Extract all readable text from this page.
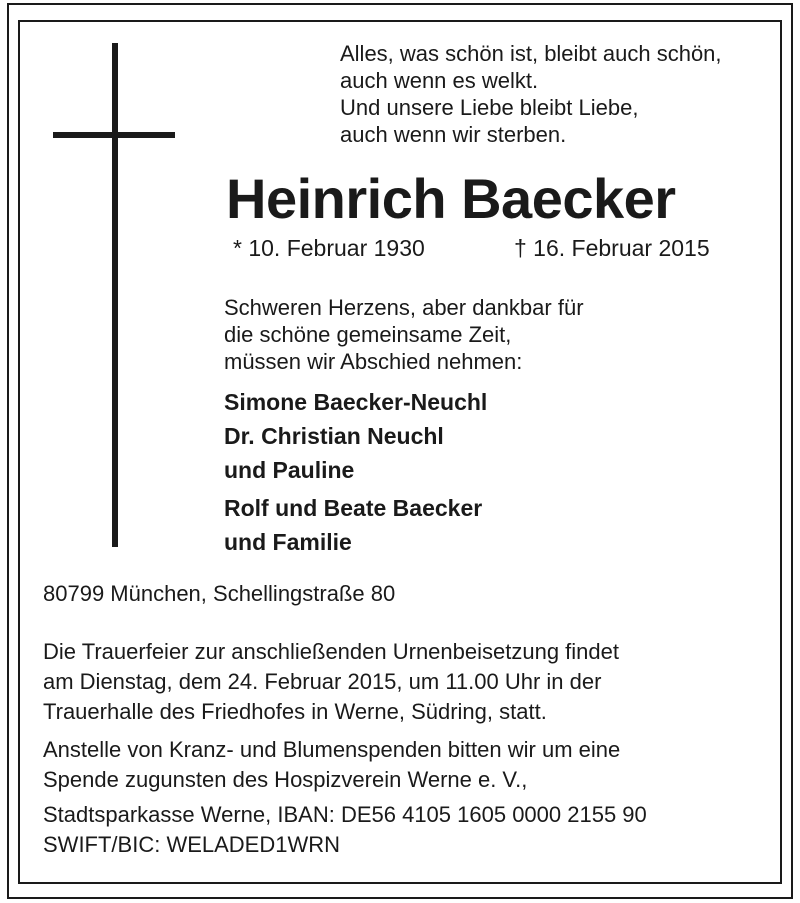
Alles, was schön ist, bleibt auch schön,
auch wenn es welkt.
Und unsere Liebe bleibt Liebe,
auch wenn wir sterben.
Heinrich Baecker
* 10. Februar 1930	† 16. Februar 2015
Schweren Herzens, aber dankbar für
die schöne gemeinsame Zeit,
müssen wir Abschied nehmen:
Simone Baecker-Neuchl
Dr. Christian Neuchl
und Pauline
Rolf und Beate Baecker
und Familie
80799 München, Schellingstraße 80
Die Trauerfeier zur anschließenden Urnenbeisetzung findet
am Dienstag, dem 24. Februar 2015, um 11.00 Uhr in der
Trauerhalle des Friedhofes in Werne, Südring, statt.
Anstelle von Kranz- und Blumenspenden bitten wir um eine
Spende zugunsten des Hospizverein Werne e. V.,
Stadtsparkasse Werne, IBAN: DE56 4105 1605 0000 2155 90
SWIFT/BIC: WELADED1WRN
